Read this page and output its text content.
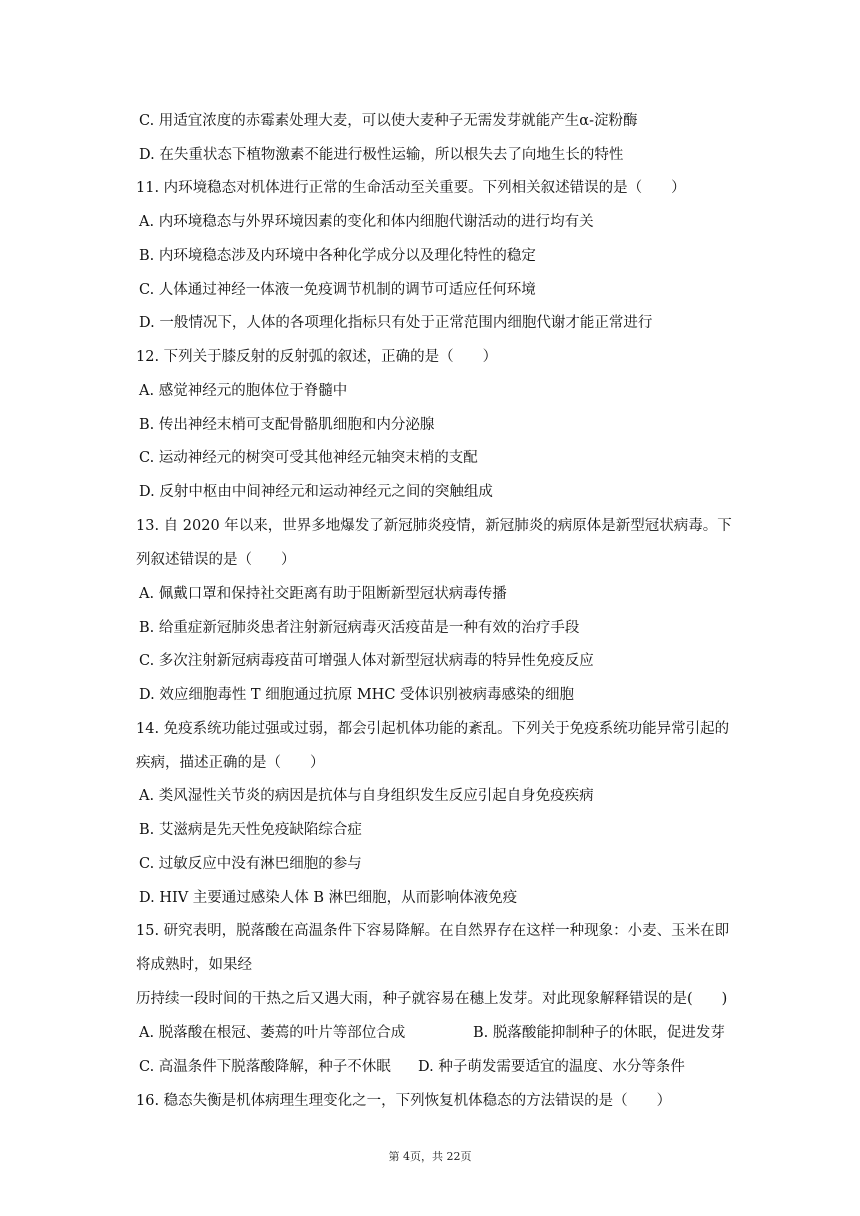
C. 用适宜浓度的赤霉素处理大麦，可以使大麦种子无需发芽就能产生α-淀粉酶
D. 在失重状态下植物激素不能进行极性运输，所以根失去了向地生长的特性
11. 内环境稳态对机体进行正常的生命活动至关重要。下列相关叙述错误的是（　　）
A. 内环境稳态与外界环境因素的变化和体内细胞代谢活动的进行均有关
B. 内环境稳态涉及内环境中各种化学成分以及理化特性的稳定
C. 人体通过神经一体液一免疫调节机制的调节可适应任何环境
D. 一般情况下，人体的各项理化指标只有处于正常范围内细胞代谢才能正常进行
12. 下列关于膝反射的反射弧的叙述，正确的是（　　）
A. 感觉神经元的胞体位于脊髓中
B. 传出神经末梢可支配骨骼肌细胞和内分泌腺
C. 运动神经元的树突可受其他神经元轴突末梢的支配
D. 反射中枢由中间神经元和运动神经元之间的突触组成
13. 自 2020 年以来，世界多地爆发了新冠肺炎疫情，新冠肺炎的病原体是新型冠状病毒。下
列叙述错误的是（　　）
A. 佩戴口罩和保持社交距离有助于阻断新型冠状病毒传播
B. 给重症新冠肺炎患者注射新冠病毒灭活疫苗是一种有效的治疗手段
C. 多次注射新冠病毒疫苗可增强人体对新型冠状病毒的特异性免疫反应
D. 效应细胞毒性 T 细胞通过抗原 MHC 受体识别被病毒感染的细胞
14. 免疫系统功能过强或过弱，都会引起机体功能的紊乱。下列关于免疫系统功能异常引起的
疾病，描述正确的是（　　）
A. 类风湿性关节炎的病因是抗体与自身组织发生反应引起自身免疫疾病
B. 艾滋病是先天性免疫缺陷综合症
C. 过敏反应中没有淋巴细胞的参与
D. HIV 主要通过感染人体 B 淋巴细胞，从而影响体液免疫
15. 研究表明，脱落酸在高温条件下容易降解。在自然界存在这样一种现象：小麦、玉米在即
将成熟时，如果经
历持续一段时间的干热之后又遇大雨，种子就容易在穗上发芽。对此现象解释错误的是(　　)
A. 脱落酸在根冠、萎蔫的叶片等部位合成	B. 脱落酸能抑制种子的休眠，促进发芽
C. 高温条件下脱落酸降解，种子不休眠 D. 种子萌发需要适宜的温度、水分等条件
16. 稳态失衡是机体病理生理变化之一，下列恢复机体稳态的方法错误的是（　　）
第 4页，共 22页
